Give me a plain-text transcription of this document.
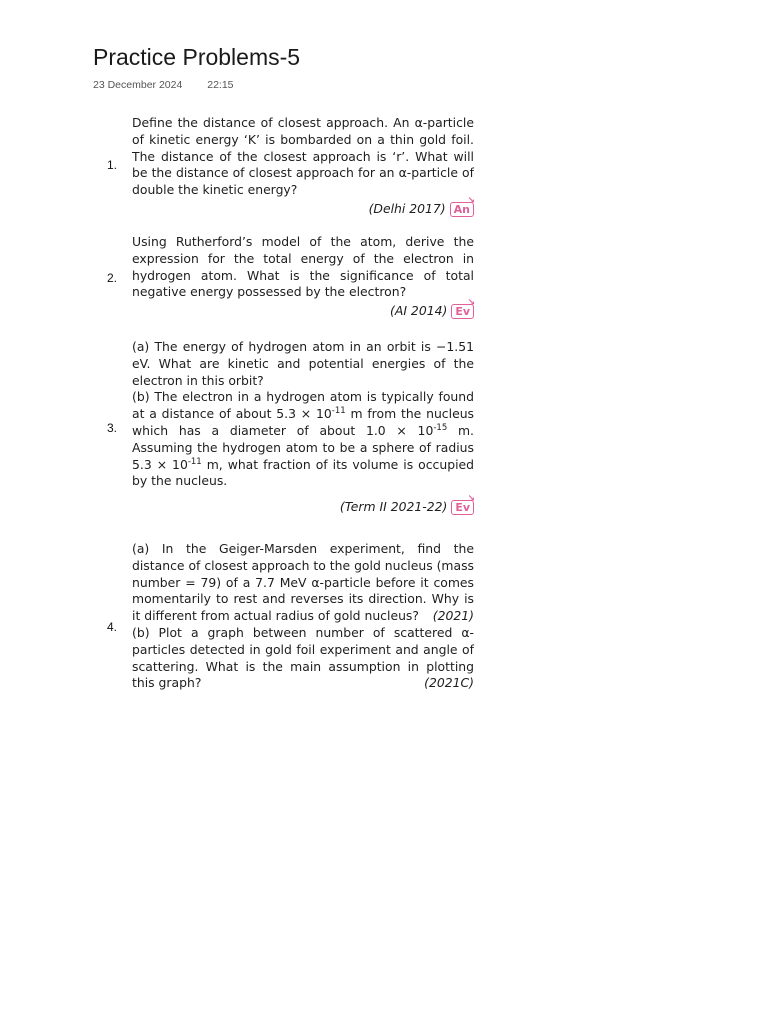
Practice Problems-5
23 December 2024 22:15
1.

Define the distance of closest approach. An α-particle of kinetic energy ‘K’ is bombarded on a thin gold foil. The distance of the closest approach is ‘r’. What will be the distance of closest approach for an α-particle of double the kinetic energy?

(Delhi 2017) An
↘
2.

Using Rutherford’s model of the atom, derive the expression for the total energy of the electron in hydrogen atom. What is the significance of total negative energy possessed by the electron?

(AI 2014) Ev
↘
3.

(a) The energy of hydrogen atom in an orbit is −1.51 eV. What are kinetic and potential energies of the electron in this orbit?

(b) The electron in a hydrogen atom is typically found at a distance of about $5.3 \times 10^{-11}$ m from the nucleus which has a diameter of about $1.0 \times 10^{-15}$ m. Assuming the hydrogen atom to be a sphere of radius $5.3 \times 10^{-11}$ m, what fraction of its volume is occupied by the nucleus.

(Term II 2021-22) Ev
↘
4.

(a) In the Geiger-Marsden experiment, find the distance of closest approach to the gold nucleus (mass number = 79) of a 7.7 MeV α-particle before it comes momentarily to rest and reverses its direction. Why is it different from actual radius of gold nucleus? (2021)

(b) Plot a graph between number of scattered α-particles detected in gold foil experiment and angle of scattering. What is the main assumption in plotting this graph?	(2021C)
